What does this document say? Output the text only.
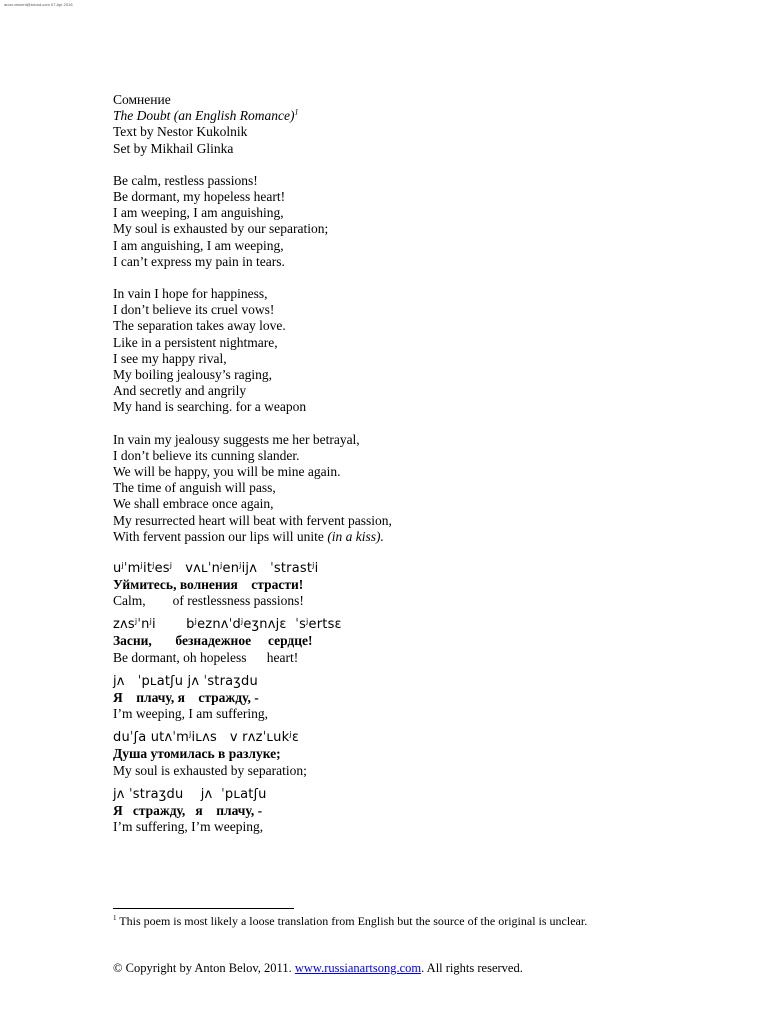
anon.vincent@icloud.com 07 Apr 2016
Сомнение
The Doubt (an English Romance)$^1$
Text by Nestor Kukolnik
Set by Mikhail Glinka
Be calm, restless passions!
Be dormant, my hopeless heart!
I am weeping, I am anguishing,
My soul is exhausted by our separation;
I am anguishing, I am weeping,
I can’t express my pain in tears.
In vain I hope for happiness,
I don’t believe its cruel vows!
The separation takes away love.
Like in a persistent nightmare,
I see my happy rival,
My boiling jealousy’s raging,
And secretly and angrily
My hand is searching. for a weapon
In vain my jealousy suggests me her betrayal,
I don’t believe its cunning slander.
We will be happy, you will be mine again.
The time of anguish will pass,
We shall embrace once again,
My resurrected heart will beat with fervent passion,
With fervent passion our lips will unite (in a kiss).
uʲˈmʲitʲesʲ   vʌʟˈnʲenʲijʌ   ˈstrastʲi
Уймитесь, волнения    страсти!
Calm,        of restlessness passions!
zʌsʲˈnʲi       bʲeznʌˈdʲeʒnʌjɛ  ˈsʲertsɛ
Засни,       безнадежное     сердце!
Be dormant, oh hopeless      heart!
jʌ   ˈpʟatʃu jʌ ˈstraʒdu
Я    плачу, я    стражду, -
I’m weeping, I am suffering,
duˈʃa utʌˈmʲiʟʌs   v rʌzˈʟukʲɛ
Душа утомилась в разлуке;
My soul is exhausted by separation;
jʌ ˈstraʒdu    jʌ  ˈpʟatʃu
Я   стражду,   я    плачу, -
I’m suffering, I’m weeping,
$^1$ This poem is most likely a loose translation from English but the source of the original is unclear.
© Copyright by Anton Belov, 2011. www.russianartsong.com. All rights reserved.
